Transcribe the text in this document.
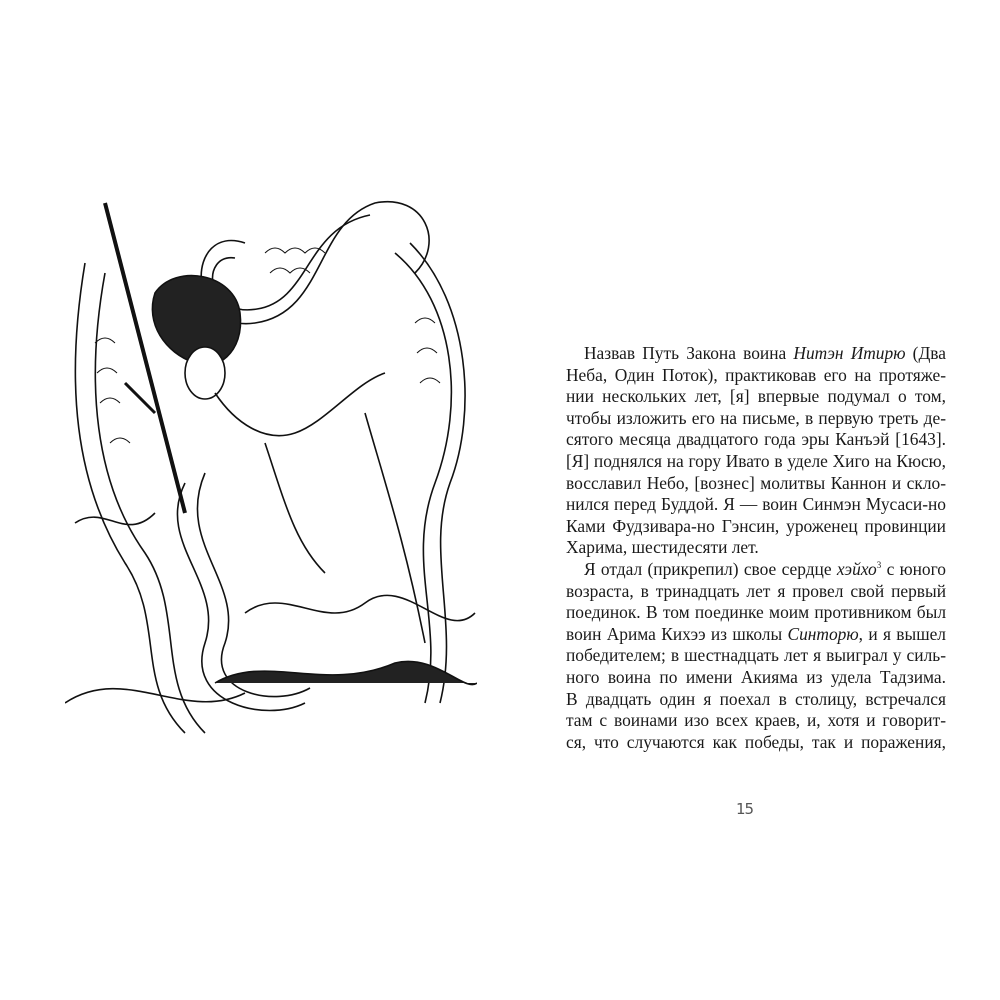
Назвав Путь Закона воина Нитэн Итирю (Два
Неба, Один Поток), практиковав его на протяже-
нии нескольких лет, [я] впервые подумал о том,
чтобы изложить его на письме, в первую треть де-
сятого месяца двадцатого года эры Канъэй [1643].
[Я] поднялся на гору Ивато в уделе Хиго на Кюсю,
восславил Небо, [вознес] молитвы Каннон и скло-
нился перед Буддой. Я — воин Синмэн Мусаси-но
Ками Фудзивара-но Гэнсин, уроженец провинции
Харима, шестидесяти лет.
Я отдал (прикрепил) свое сердце хэйхо$^3$ с юного
возраста, в тринадцать лет я провел свой первый
поединок. В том поединке моим противником был
воин Арима Кихээ из школы Синторю, и я вышел
победителем; в шестнадцать лет я выиграл у силь-
ного воина по имени Акияма из удела Тадзима.
В двадцать один я поехал в столицу, встречался
там с воинами изо всех краев, и, хотя и говорит-
ся, что случаются как победы, так и поражения,
15
